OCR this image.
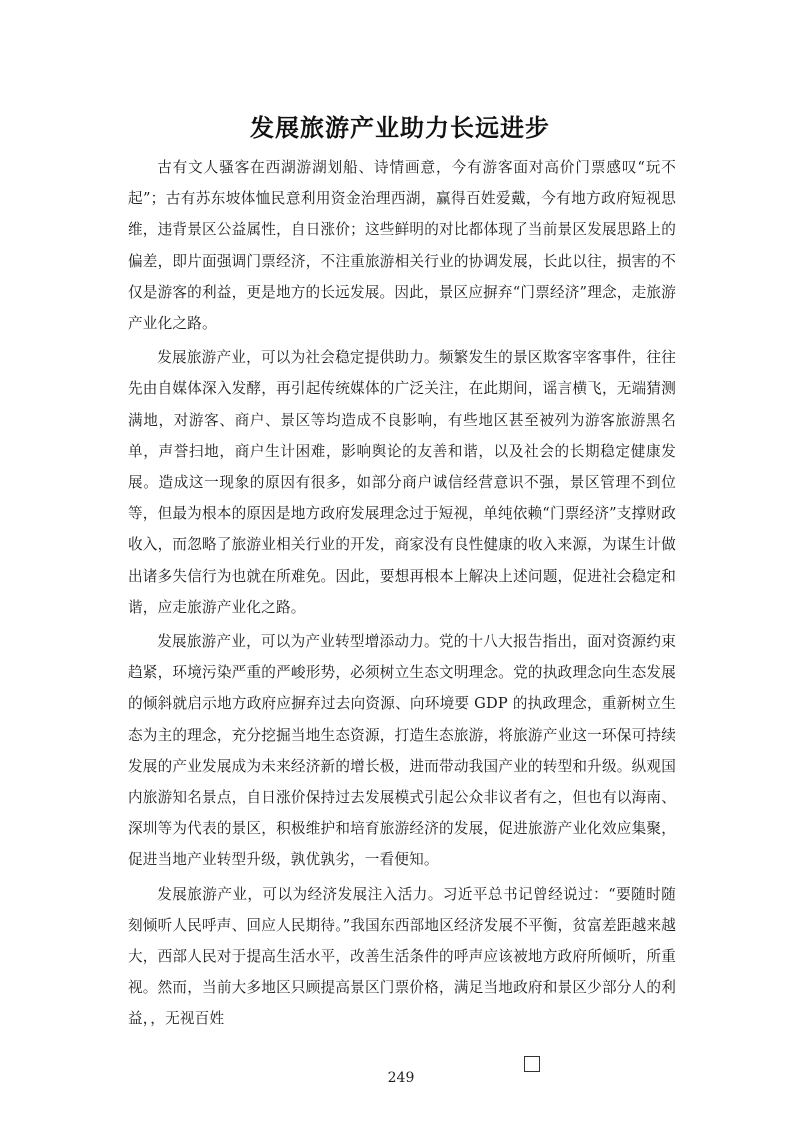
发展旅游产业助力长远进步

古有文人骚客在西湖游湖划船、诗情画意，今有游客面对高价门票感叹“玩不起”；古有苏东坡体恤民意利用资金治理西湖，赢得百姓爱戴，今有地方政府短视思维，违背景区公益属性，自日涨价；这些鲜明的对比都体现了当前景区发展思路上的偏差，即片面强调门票经济，不注重旅游相关行业的协调发展，长此以往，损害的不仅是游客的利益，更是地方的长远发展。因此，景区应摒弃“门票经济”理念，走旅游产业化之路。

发展旅游产业，可以为社会稳定提供助力。频繁发生的景区欺客宰客事件，往往先由自媒体深入发酵，再引起传统媒体的广泛关注，在此期间，谣言横飞，无端猜测满地，对游客、商户、景区等均造成不良影响，有些地区甚至被列为游客旅游黑名单，声誉扫地，商户生计困难，影响舆论的友善和谐，以及社会的长期稳定健康发展。造成这一现象的原因有很多，如部分商户诚信经营意识不强，景区管理不到位等，但最为根本的原因是地方政府发展理念过于短视，单纯依赖“门票经济”支撑财政收入，而忽略了旅游业相关行业的开发，商家没有良性健康的收入来源，为谋生计做出诸多失信行为也就在所难免。因此，要想再根本上解决上述问题，促进社会稳定和谐，应走旅游产业化之路。

发展旅游产业，可以为产业转型增添动力。党的十八大报告指出，面对资源约束趋紧，环境污染严重的严峻形势，必须树立生态文明理念。党的执政理念向生态发展的倾斜就启示地方政府应摒弃过去向资源、向环境要 GDP 的执政理念，重新树立生态为主的理念，充分挖掘当地生态资源，打造生态旅游，将旅游产业这一环保可持续发展的产业发展成为未来经济新的增长极，进而带动我国产业的转型和升级。纵观国内旅游知名景点，自日涨价保持过去发展模式引起公众非议者有之，但也有以海南、深圳等为代表的景区，积极维护和培育旅游经济的发展，促进旅游产业化效应集聚，促进当地产业转型升级，孰优孰劣，一看便知。

发展旅游产业，可以为经济发展注入活力。习近平总书记曾经说过：“要随时随刻倾听人民呼声、回应人民期待。”我国东西部地区经济发展不平衡，贫富差距越来越大，西部人民对于提高生活水平，改善生活条件的呼声应该被地方政府所倾听，所重视。然而，当前大多地区只顾提高景区门票价格，满足当地政府和景区少部分人的利益，，无视百姓

249
